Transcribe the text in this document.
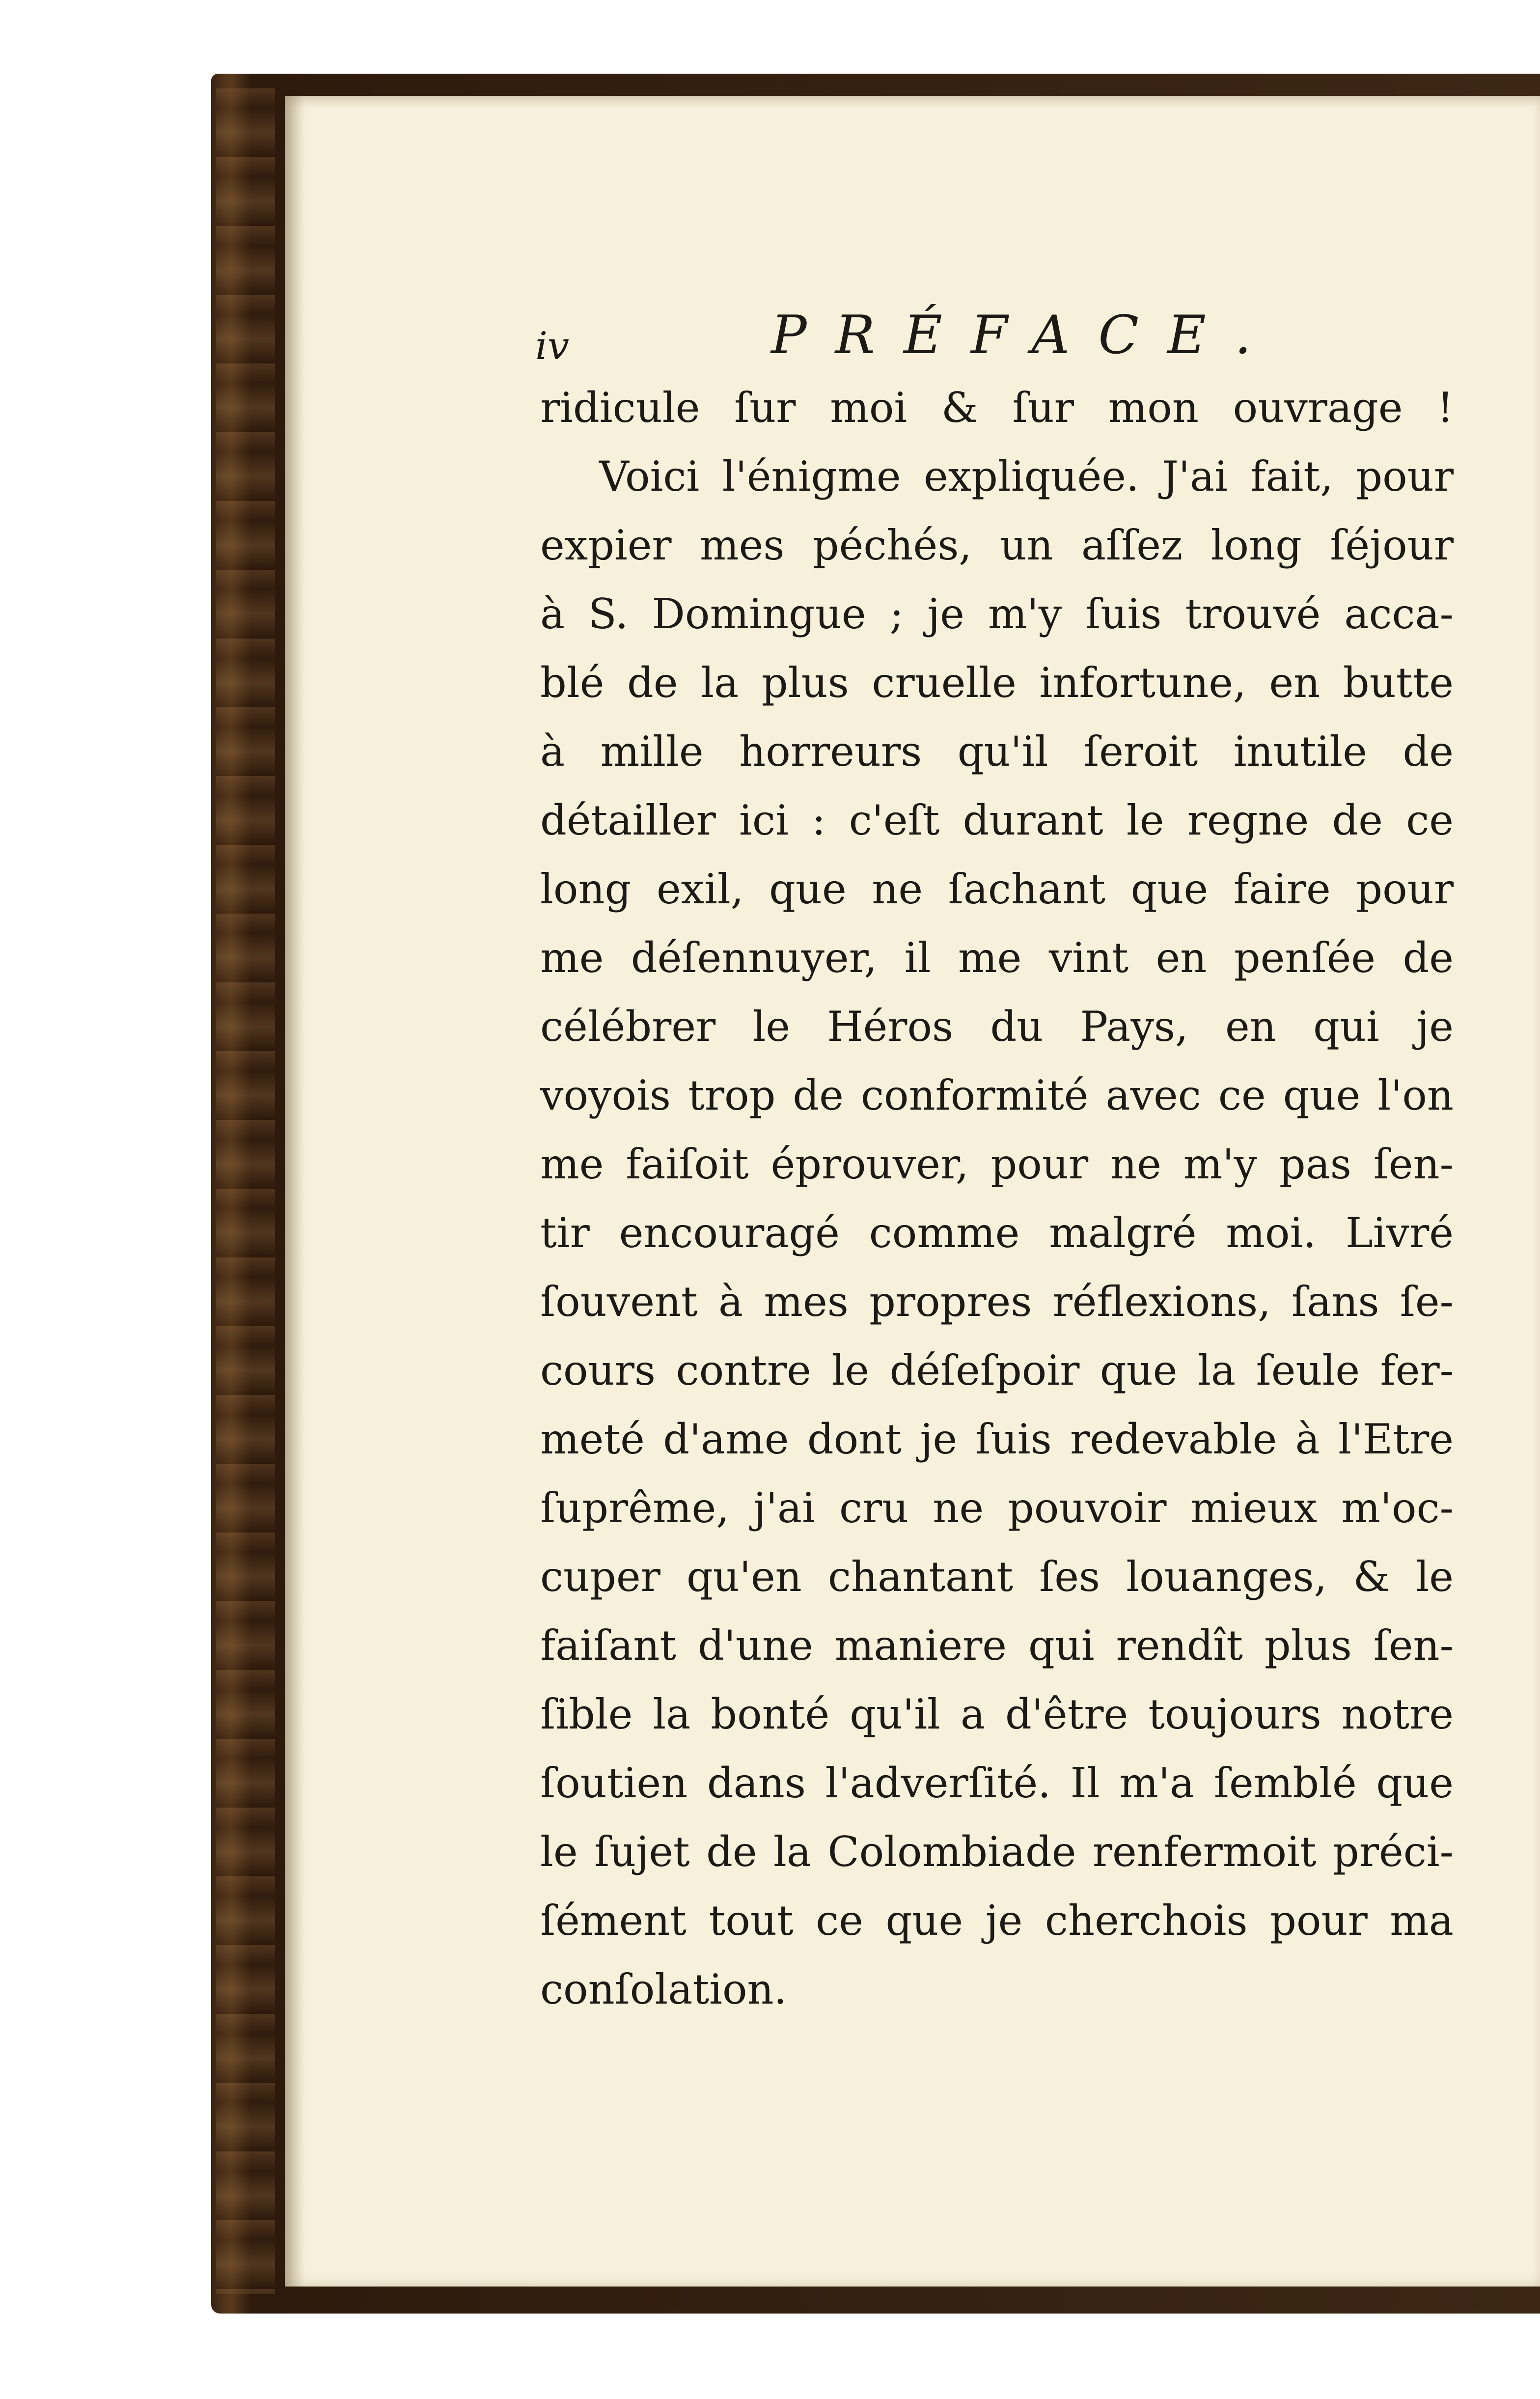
iv	PRÉFACE.
ridicule ſur moi & ſur mon ouvrage !
Voici l'énigme expliquée. J'ai fait, pour
expier mes péchés, un aſſez long ſéjour
à S. Domingue ; je m'y ſuis trouvé acca-
blé de la plus cruelle infortune, en butte
à mille horreurs qu'il ſeroit inutile de
détailler ici : c'eſt durant le regne de ce
long exil, que ne ſachant que faire pour
me déſennuyer, il me vint en penſée de
célébrer le Héros du Pays, en qui je
voyois trop de conformité avec ce que l'on
me faiſoit éprouver, pour ne m'y pas ſen-
tir encouragé comme malgré moi. Livré
ſouvent à mes propres réflexions, ſans ſe-
cours contre le déſeſpoir que la ſeule fer-
meté d'ame dont je ſuis redevable à l'Etre
ſuprême, j'ai cru ne pouvoir mieux m'oc-
cuper qu'en chantant ſes louanges, & le
faiſant d'une maniere qui rendît plus ſen-
ſible la bonté qu'il a d'être toujours notre
ſoutien dans l'adverſité. Il m'a ſemblé que
le ſujet de la Colombiade renfermoit préci-
ſément tout ce que je cherchois pour ma
conſolation.
